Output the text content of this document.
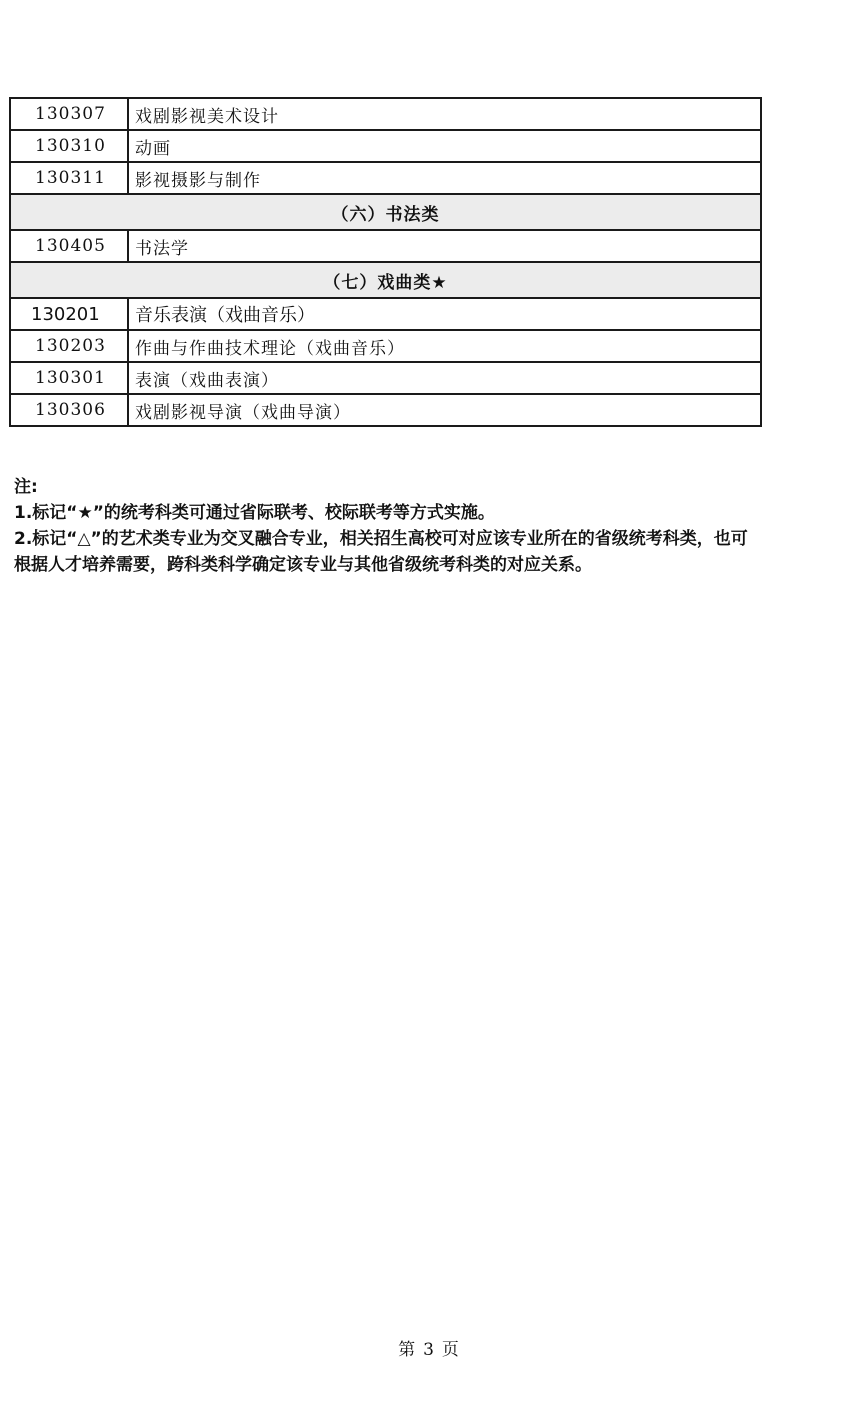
130307	戏剧影视美术设计
130310	动画
130311	影视摄影与制作
（六）书法类	
130405	书法学
（七）戏曲类★	
130201	音乐表演（戏曲音乐）
130203	作曲与作曲技术理论（戏曲音乐）
130301	表演（戏曲表演）
130306	戏剧影视导演（戏曲导演）

注:

1.标记“★”的统考科类可通过省际联考、校际联考等方式实施。

2.标记“△”的艺术类专业为交叉融合专业，相关招生高校可对应该专业所在的省级统考科类，也可根据人才培养需要，跨科类科学确定该专业与其他省级统考科类的对应关系。

第 3 页
